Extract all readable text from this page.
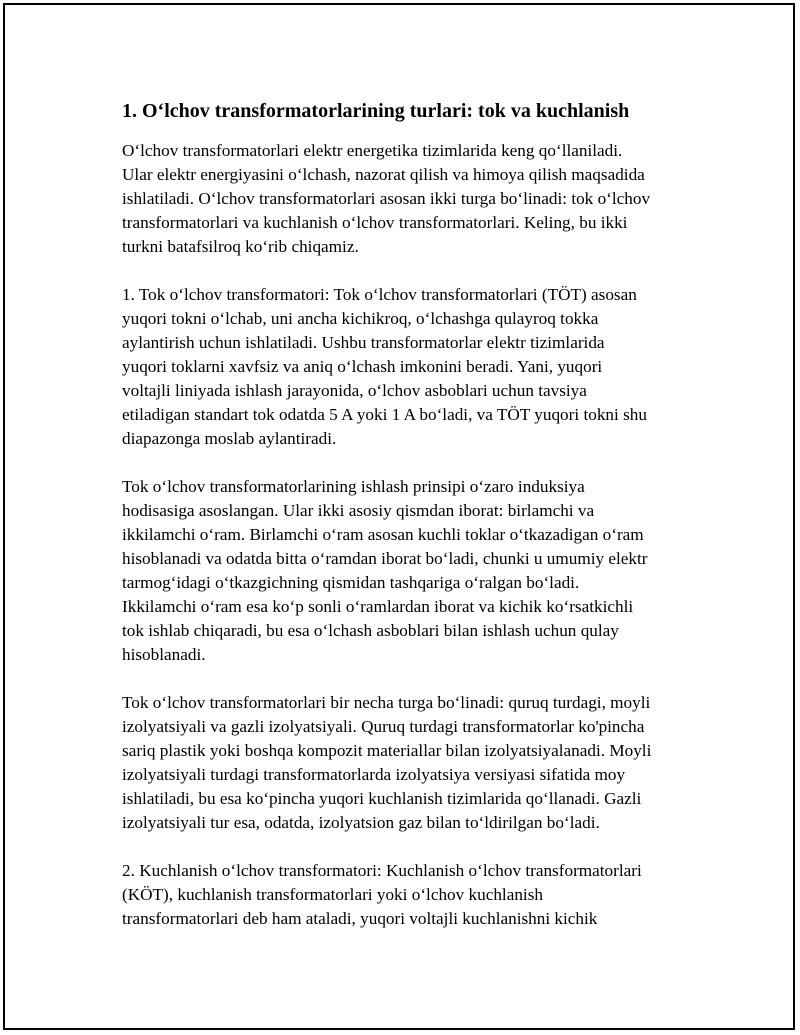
1. O‘lchov transformatorlarining turlari: tok va kuchlanish
O‘lchov transformatorlari elektr energetika tizimlarida keng qo‘llaniladi.
Ular elektr energiyasini o‘lchash, nazorat qilish va himoya qilish maqsadida
ishlatiladi. O‘lchov transformatorlari asosan ikki turga bo‘linadi: tok o‘lchov
transformatorlari va kuchlanish o‘lchov transformatorlari. Keling, bu ikki
turkni batafsilroq ko‘rib chiqamiz.
1. Tok o‘lchov transformatori: Tok o‘lchov transformatorlari (TÖT) asosan
yuqori tokni o‘lchab, uni ancha kichikroq, o‘lchashga qulayroq tokka
aylantirish uchun ishlatiladi. Ushbu transformatorlar elektr tizimlarida
yuqori toklarni xavfsiz va aniq o‘lchash imkonini beradi. Yani, yuqori
voltajli liniyada ishlash jarayonida, o‘lchov asboblari uchun tavsiya
etiladigan standart tok odatda 5 A yoki 1 A bo‘ladi, va TÖT yuqori tokni shu
diapazonga moslab aylantiradi.
Tok o‘lchov transformatorlarining ishlash prinsipi o‘zaro induksiya
hodisasiga asoslangan. Ular ikki asosiy qismdan iborat: birlamchi va
ikkilamchi o‘ram. Birlamchi o‘ram asosan kuchli toklar o‘tkazadigan o‘ram
hisoblanadi va odatda bitta o‘ramdan iborat bo‘ladi, chunki u umumiy elektr
tarmog‘idagi o‘tkazgichning qismidan tashqariga o‘ralgan bo‘ladi.
Ikkilamchi o‘ram esa ko‘p sonli o‘ramlardan iborat va kichik ko‘rsatkichli
tok ishlab chiqaradi, bu esa o‘lchash asboblari bilan ishlash uchun qulay
hisoblanadi.
Tok o‘lchov transformatorlari bir necha turga bo‘linadi: quruq turdagi, moyli
izolyatsiyali va gazli izolyatsiyali. Quruq turdagi transformatorlar ko'pincha
sariq plastik yoki boshqa kompozit materiallar bilan izolyatsiyalanadi. Moyli
izolyatsiyali turdagi transformatorlarda izolyatsiya versiyasi sifatida moy
ishlatiladi, bu esa ko‘pincha yuqori kuchlanish tizimlarida qo‘llanadi. Gazli
izolyatsiyali tur esa, odatda, izolyatsion gaz bilan to‘ldirilgan bo‘ladi.
2. Kuchlanish o‘lchov transformatori: Kuchlanish o‘lchov transformatorlari
(KÖT), kuchlanish transformatorlari yoki o‘lchov kuchlanish
transformatorlari deb ham ataladi, yuqori voltajli kuchlanishni kichik
